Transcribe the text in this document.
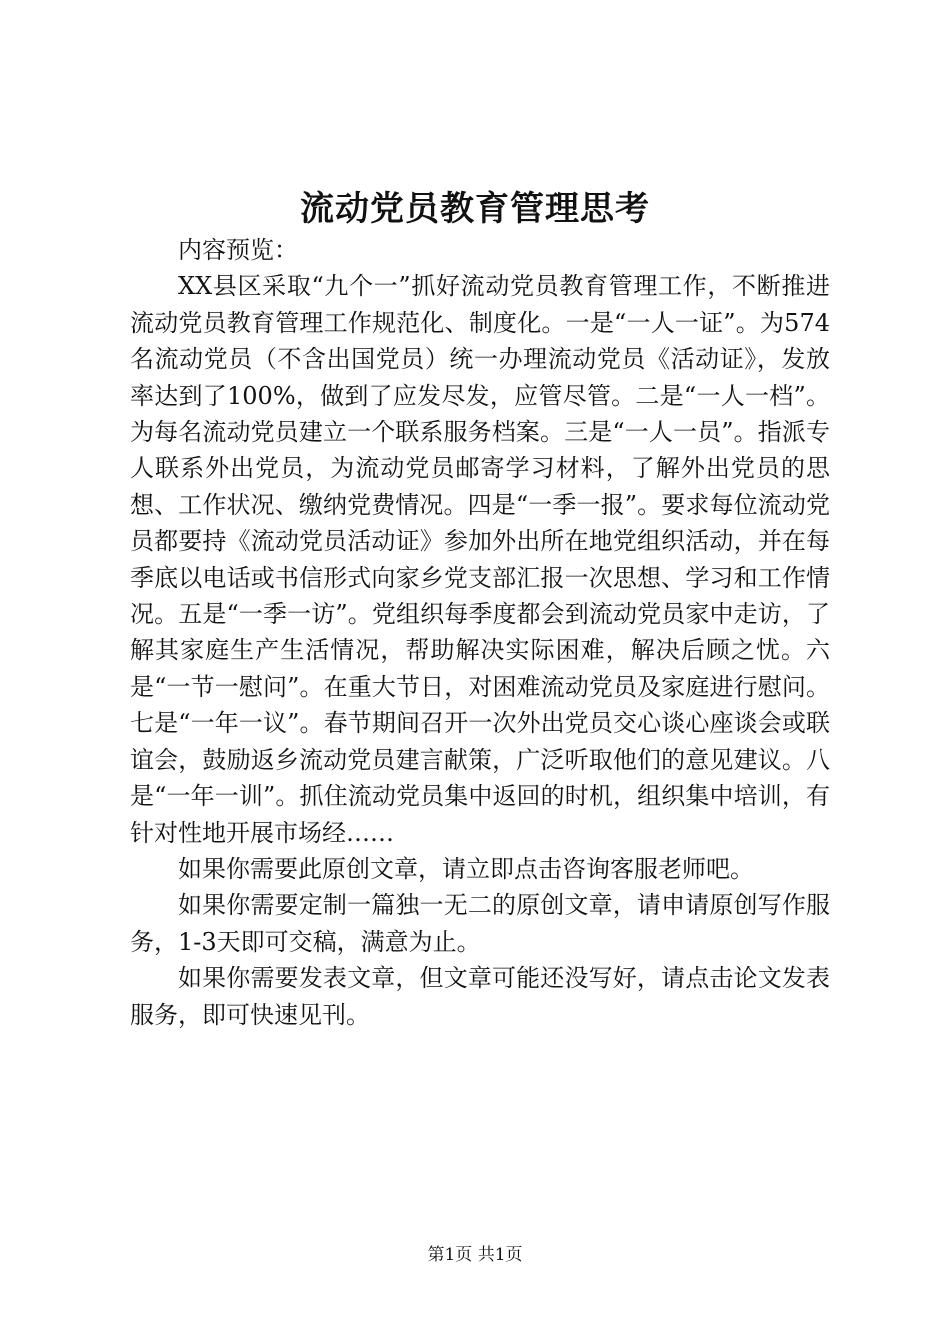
流动党员教育管理思考

内容预览：

XX县区采取“九个一”抓好流动党员教育管理工作，不断推进流动党员教育管理工作规范化、制度化。一是“一人一证”。为574名流动党员（不含出国党员）统一办理流动党员《活动证》，发放率达到了100%，做到了应发尽发，应管尽管。二是“一人一档”。为每名流动党员建立一个联系服务档案。三是“一人一员”。指派专人联系外出党员，为流动党员邮寄学习材料，了解外出党员的思想、工作状况、缴纳党费情况。四是“一季一报”。要求每位流动党员都要持《流动党员活动证》参加外出所在地党组织活动，并在每季底以电话或书信形式向家乡党支部汇报一次思想、学习和工作情况。五是“一季一访”。党组织每季度都会到流动党员家中走访，了解其家庭生产生活情况，帮助解决实际困难，解决后顾之忧。六是“一节一慰问”。在重大节日，对困难流动党员及家庭进行慰问。七是“一年一议”。春节期间召开一次外出党员交心谈心座谈会或联谊会，鼓励返乡流动党员建言献策，广泛听取他们的意见建议。八是“一年一训”。抓住流动党员集中返回的时机，组织集中培训，有针对性地开展市场经……

如果你需要此原创文章，请立即点击咨询客服老师吧。

如果你需要定制一篇独一无二的原创文章，请申请原创写作服务，1-3天即可交稿，满意为止。

如果你需要发表文章，但文章可能还没写好，请点击论文发表服务，即可快速见刊。

第1页 共1页
